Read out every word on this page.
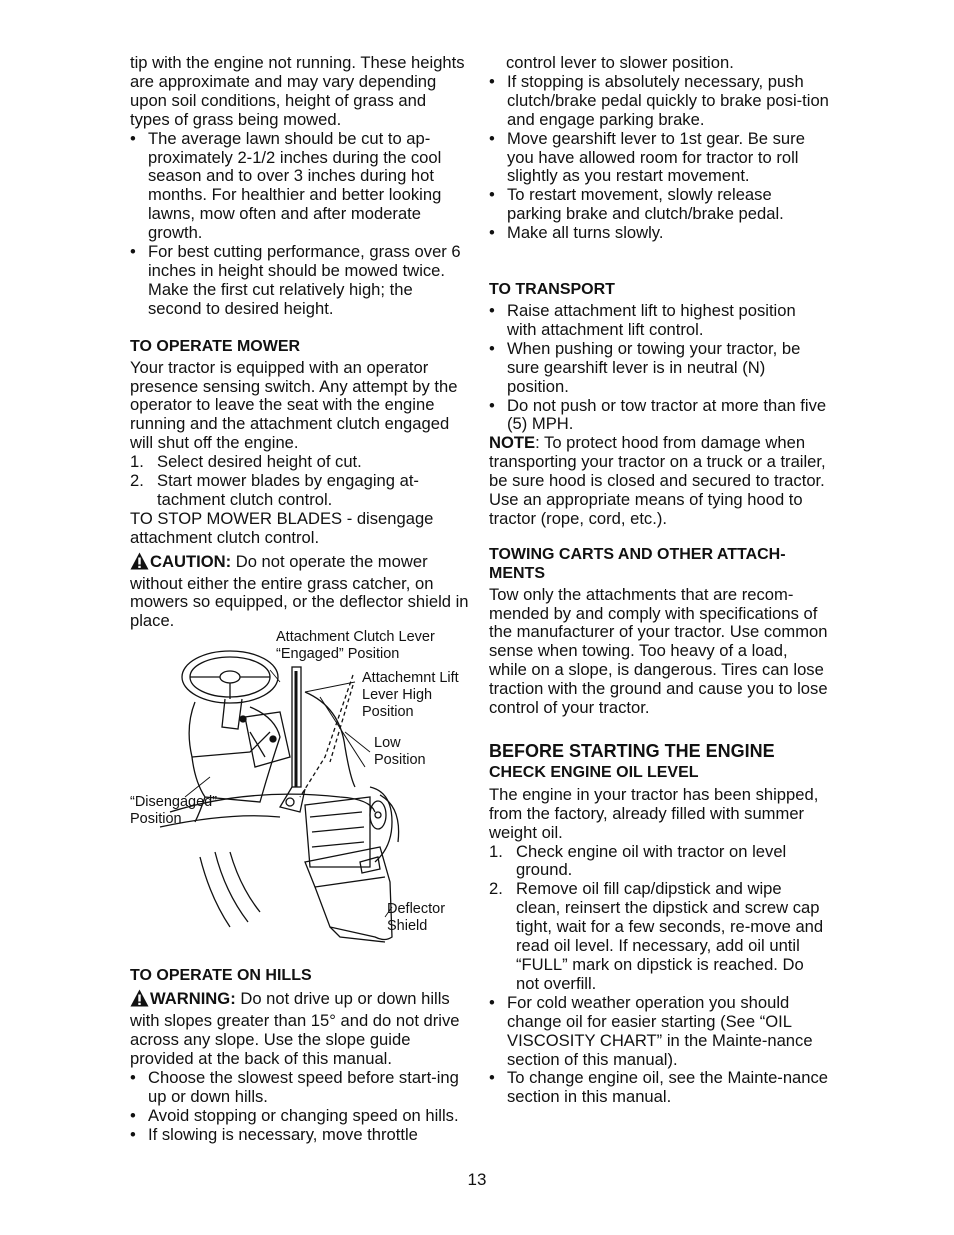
tip with the engine not running. These heights are approximate and may vary depending upon soil conditions, height of grass and types of grass being mowed.

• The average lawn should be cut to ap-proximately 2-1/2 inches during the cool season and to over 3 inches during hot months. For healthier and better looking lawns, mow often and after moderate growth.
• For best cutting performance, grass over 6 inches in height should be mowed twice. Make the first cut relatively high; the second to desired height.

TO OPERATE MOWER

Your tractor is equipped with an operator presence sensing switch. Any attempt by the operator to leave the seat with the engine running and the attachment clutch engaged will shut off the engine.

1. Select desired height of cut.
2. Start mower blades by engaging at-tachment clutch control.

TO STOP MOWER BLADES - disengage attachment clutch control.

CAUTION: Do not operate the mower without either the entire grass catcher, on mowers so equipped, or the deflector shield in place.

Attachment Clutch Lever “Engaged” Position
Attachemnt Lift Lever High Position
Low Position
“Disengaged” Position
Deflector Shield

TO OPERATE ON HILLS

WARNING: Do not drive up or down hills with slopes greater than 15° and do not drive across any slope. Use the slope guide provided at the back of this manual.

• Choose the slowest speed before start-ing up or down hills.
• Avoid stopping or changing speed on hills.
• If slowing is necessary, move throttle

control lever to slower position.

• If stopping is absolutely necessary, push clutch/brake pedal quickly to brake posi-tion and engage parking brake.
• Move gearshift lever to 1st gear. Be sure you have allowed room for tractor to roll slightly as you restart movement.
• To restart movement, slowly release parking brake and clutch/brake pedal.
• Make all turns slowly.

TO TRANSPORT

• Raise attachment lift to highest position with attachment lift control.
• When pushing or towing your tractor, be sure gearshift lever is in neutral (N) position.
• Do not push or tow tractor at more than five (5) MPH.

NOTE: To protect hood from damage when transporting your tractor on a truck or a trailer, be sure hood is closed and secured to tractor. Use an appropriate means of tying hood to tractor (rope, cord, etc.).

TOWING CARTS AND OTHER ATTACH-MENTS

Tow only the attachments that are recom-mended by and comply with specifications of the manufacturer of your tractor. Use common sense when towing. Too heavy of a load, while on a slope, is dangerous. Tires can lose traction with the ground and cause you to lose control of your tractor.

BEFORE STARTING THE ENGINE

CHECK ENGINE OIL LEVEL

The engine in your tractor has been shipped, from the factory, already filled with summer weight oil.

1. Check engine oil with tractor on level ground.
2. Remove oil fill cap/dipstick and wipe clean, reinsert the dipstick and screw cap tight, wait for a few seconds, re-move and read oil level. If necessary, add oil until “FULL” mark on dipstick is reached. Do not overfill.
• For cold weather operation you should change oil for easier starting (See “OIL VISCOSITY CHART” in the Mainte-nance section of this manual).
• To change engine oil, see the Mainte-nance section in this manual.
13
